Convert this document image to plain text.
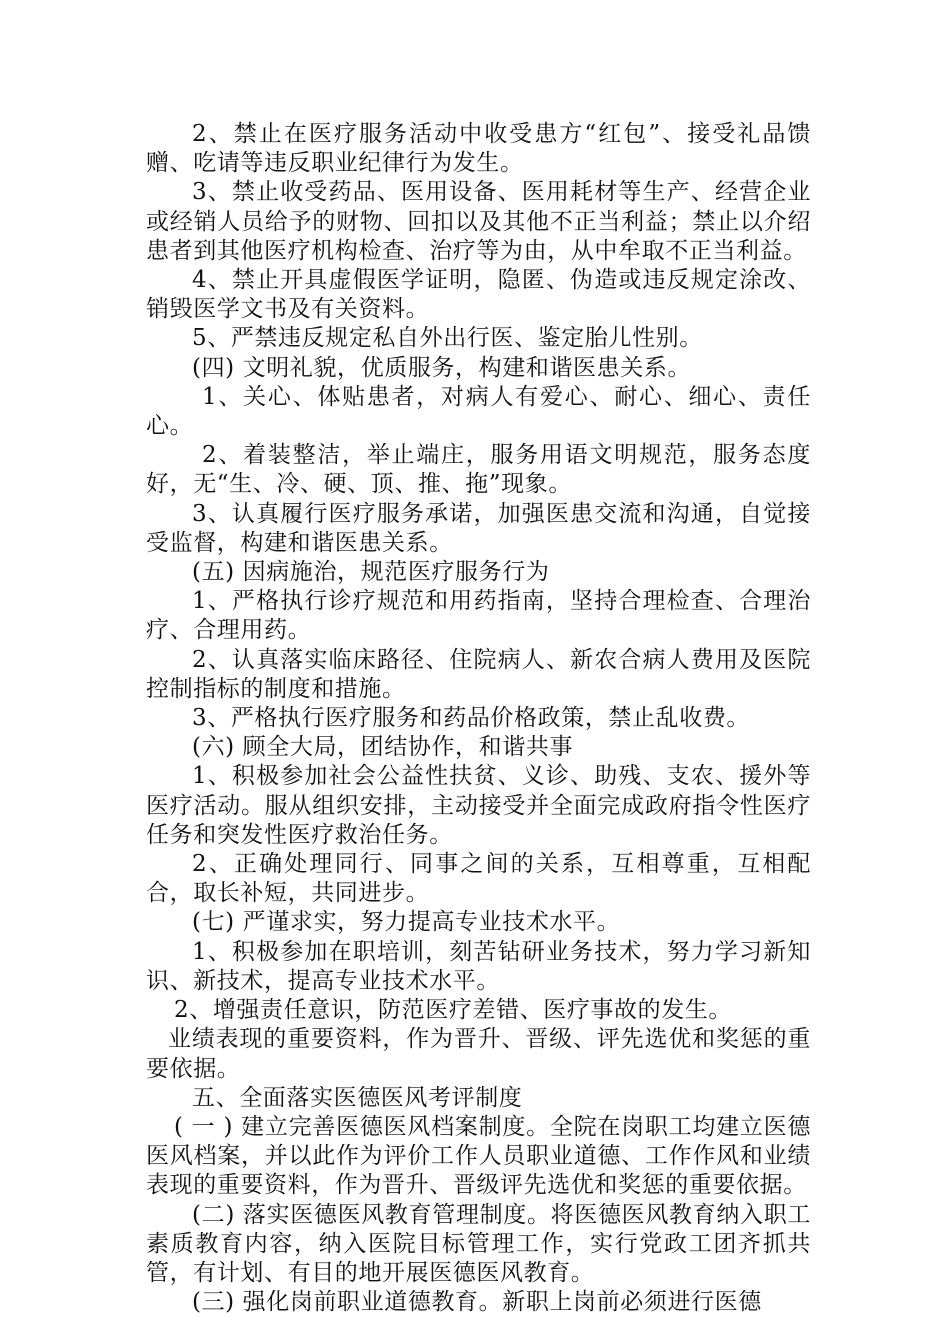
2、禁止在医疗服务活动中收受患方“红包”、接受礼品馈赠、吃请等违反职业纪律行为发生。

3、禁止收受药品、医用设备、医用耗材等生产、经营企业或经销人员给予的财物、回扣以及其他不正当利益；禁止以介绍患者到其他医疗机构检查、治疗等为由，从中牟取不正当利益。

4、禁止开具虚假医学证明，隐匿、伪造或违反规定涂改、销毁医学文书及有关资料。

5、严禁违反规定私自外出行医、鉴定胎儿性别。

(四) 文明礼貌，优质服务，构建和谐医患关系。

1、关心、体贴患者，对病人有爱心、耐心、细心、责任心。

2、着装整洁，举止端庄，服务用语文明规范，服务态度好，无“生、冷、硬、顶、推、拖”现象。

3、认真履行医疗服务承诺，加强医患交流和沟通，自觉接受监督，构建和谐医患关系。

(五) 因病施治，规范医疗服务行为

1、严格执行诊疗规范和用药指南，坚持合理检查、合理治疗、合理用药。

2、认真落实临床路径、住院病人、新农合病人费用及医院控制指标的制度和措施。

3、严格执行医疗服务和药品价格政策，禁止乱收费。

(六) 顾全大局，团结协作，和谐共事

1、积极参加社会公益性扶贫、义诊、助残、支农、援外等医疗活动。服从组织安排，主动接受并全面完成政府指令性医疗任务和突发性医疗救治任务。

2、正确处理同行、同事之间的关系，互相尊重，互相配合，取长补短，共同进步。

(七) 严谨求实，努力提高专业技术水平。

1、积极参加在职培训，刻苦钻研业务技术，努力学习新知识、新技术，提高专业技术水平。

2、增强责任意识，防范医疗差错、医疗事故的发生。

业绩表现的重要资料，作为晋升、晋级、评先选优和奖惩的重要依据。

五、全面落实医德医风考评制度

( 一 ) 建立完善医德医风档案制度。全院在岗职工均建立医德医风档案，并以此作为评价工作人员职业道德、工作作风和业绩表现的重要资料，作为晋升、晋级评先选优和奖惩的重要依据。

(二) 落实医德医风教育管理制度。将医德医风教育纳入职工素质教育内容，纳入医院目标管理工作，实行党政工团齐抓共管，有计划、有目的地开展医德医风教育。

(三) 强化岗前职业道德教育。新职上岗前必须进行医德
